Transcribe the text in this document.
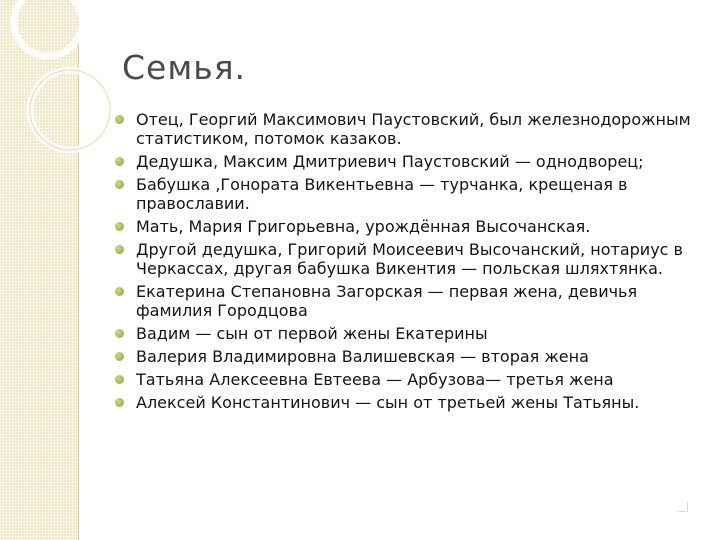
Семья.
Отец, Георгий Максимович Паустовский, был железнодорожным статистиком, потомок казаков.
Дедушка, Максим Дмитриевич Паустовский — однодворец;
Бабушка ,Гонората Викентьевна — турчанка, крещеная в православии.
Мать, Мария Григорьевна, урождённая Высочанская.
Другой дедушка, Григорий Моисеевич Высочанский, нотариус в Черкассах, другая бабушка Викентия — польская шляхтянка.
Екатерина Степановна Загорская — первая жена, девичья фамилия Городцова
Вадим — сын от первой жены Екатерины
Валерия Владимировна Валишевская — вторая жена
Татьяна Алексеевна Евтеева — Арбузова— третья жена
Алексей Константинович — сын от третьей жены Татьяны.
